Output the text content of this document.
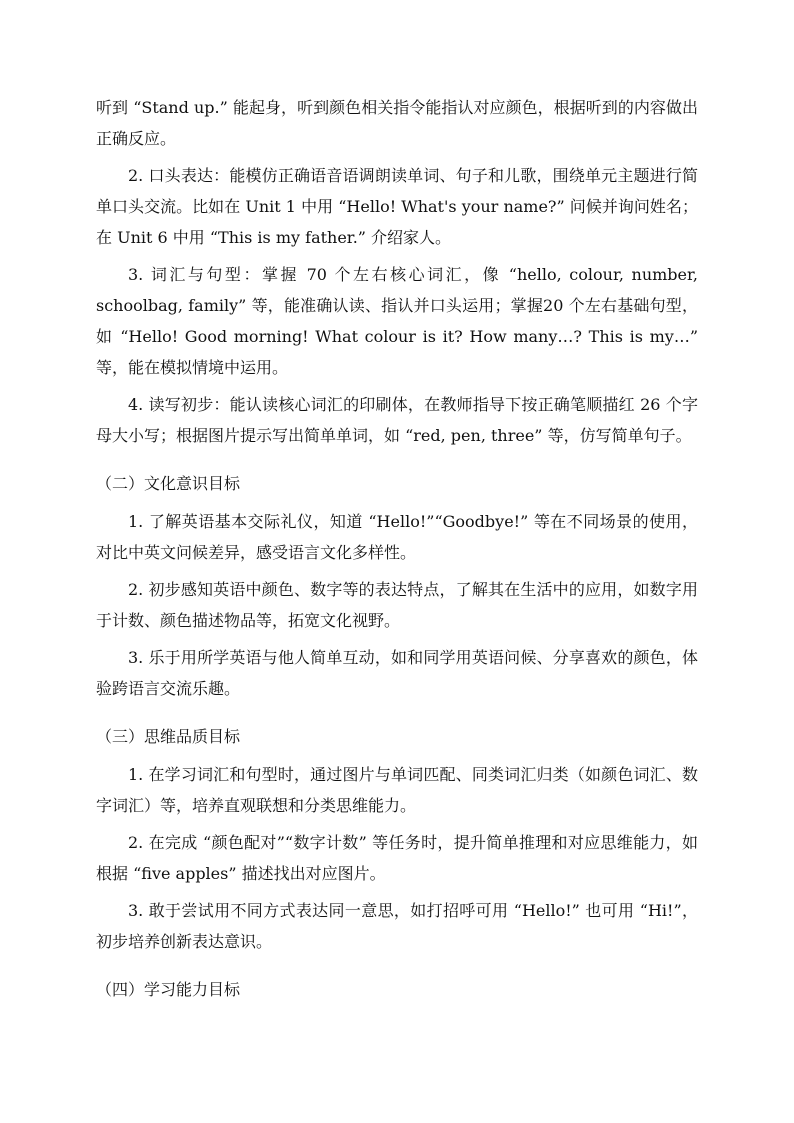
听到 “Stand up.” 能起身，听到颜色相关指令能指认对应颜色，根据听到的内容做出正确反应。

2. 口头表达：能模仿正确语音语调朗读单词、句子和儿歌，围绕单元主题进行简单口头交流。比如在 Unit 1 中用 “Hello! What's your name?” 问候并询问姓名；在 Unit 6 中用 “This is my father.” 介绍家人。

3. 词汇与句型：掌握 70 个左右核心词汇，像 “hello, colour, number, schoolbag, family” 等，能准确认读、指认并口头运用；掌握20 个左右基础句型，如 “Hello! Good morning! What colour is it? How many…? This is my…” 等，能在模拟情境中运用。

4. 读写初步：能认读核心词汇的印刷体，在教师指导下按正确笔顺描红 26 个字母大小写；根据图片提示写出简单单词，如 “red, pen, three” 等，仿写简单句子。

（二）文化意识目标

1. 了解英语基本交际礼仪，知道 “Hello!”“Goodbye!” 等在不同场景的使用，对比中英文问候差异，感受语言文化多样性。

2. 初步感知英语中颜色、数字等的表达特点，了解其在生活中的应用，如数字用于计数、颜色描述物品等，拓宽文化视野。

3. 乐于用所学英语与他人简单互动，如和同学用英语问候、分享喜欢的颜色，体验跨语言交流乐趣。

（三）思维品质目标

1. 在学习词汇和句型时，通过图片与单词匹配、同类词汇归类（如颜色词汇、数字词汇）等，培养直观联想和分类思维能力。

2. 在完成 “颜色配对”“数字计数” 等任务时，提升简单推理和对应思维能力，如根据 “five apples” 描述找出对应图片。

3. 敢于尝试用不同方式表达同一意思，如打招呼可用 “Hello!” 也可用 “Hi!”，初步培养创新表达意识。

（四）学习能力目标
